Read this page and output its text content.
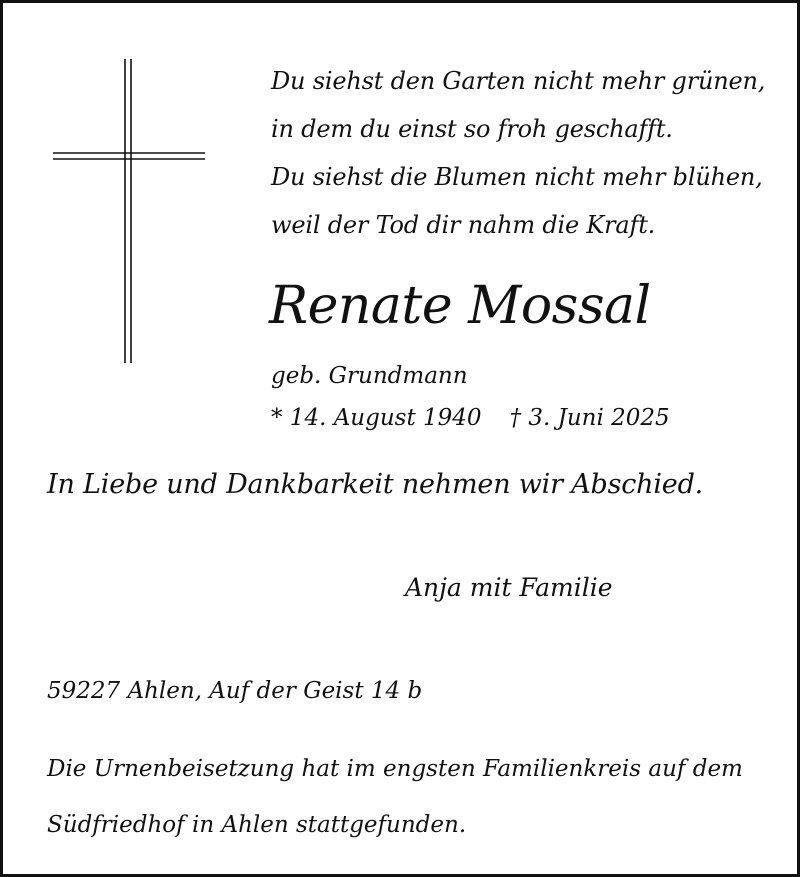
Du siehst den Garten nicht mehr grünen,
in dem du einst so froh geschafft.
Du siehst die Blumen nicht mehr blühen,
weil der Tod dir nahm die Kraft.
Renate Mossal
geb. Grundmann
* 14. August 1940 † 3. Juni 2025
In Liebe und Dankbarkeit nehmen wir Abschied.
Anja mit Familie
59227 Ahlen, Auf der Geist 14 b
Die Urnenbeisetzung hat im engsten Familienkreis auf dem
Südfriedhof in Ahlen stattgefunden.
